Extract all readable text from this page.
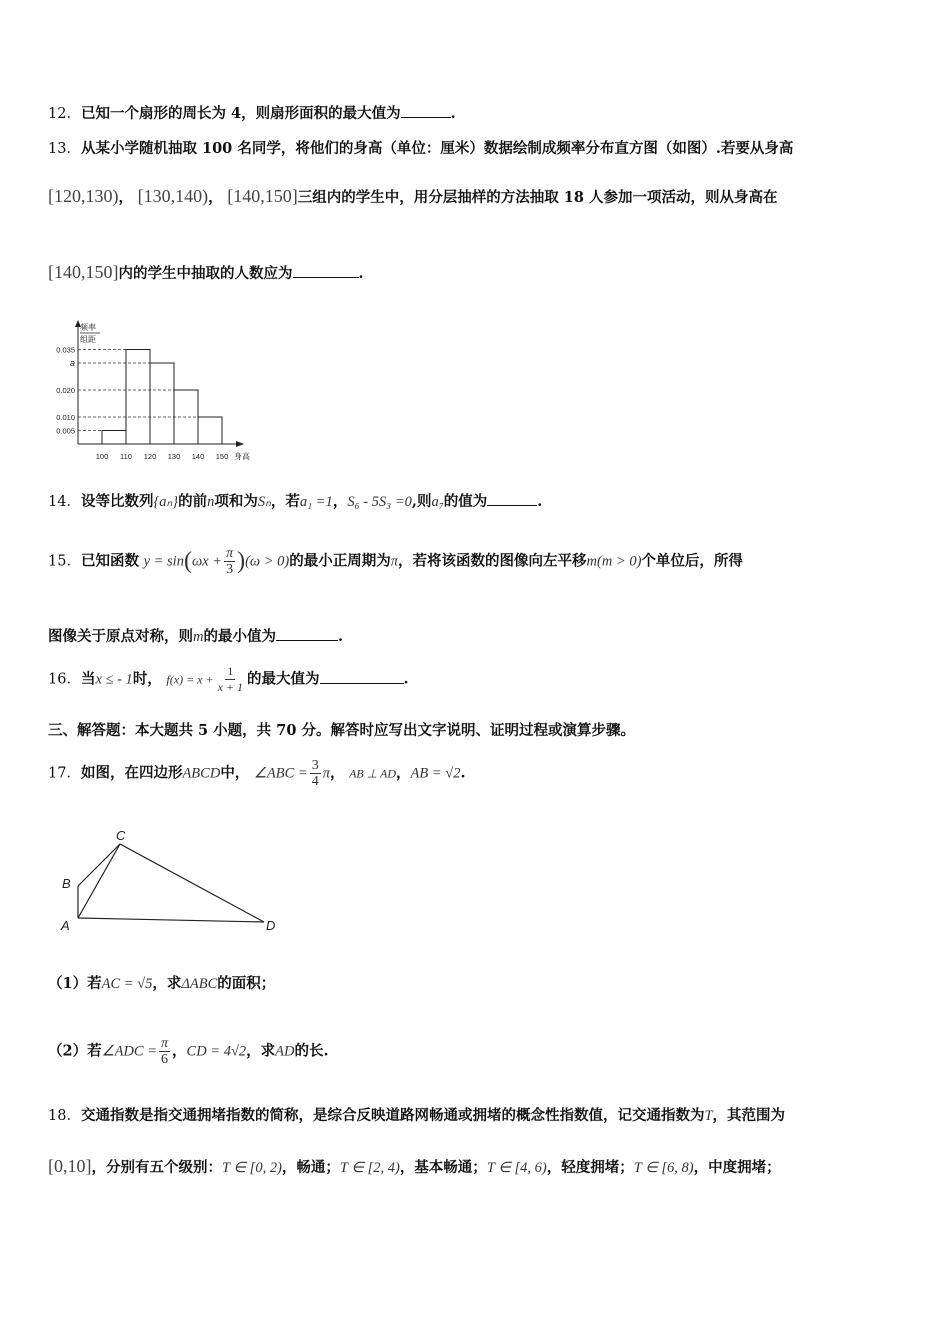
12．已知一个扇形的周长为 4，则扇形面积的最大值为	.
13．从某小学随机抽取 100 名同学，将他们的身高（单位：厘米）数据绘制成频率分布直方图（如图）.若要从身高
[120,130)， [130,140)， [140,150]三组内的学生中，用分层抽样的方法抽取 18 人参加一项活动，则从身高在
[140,150]内的学生中抽取的人数应为	.
频率
组距
身高
0.035
a
0.020
0.010
0.005
100 110 120 130 140 150
14．设等比数列{aₙ}的前n项和为Sₙ，若a₁ =1，S₆ - 5S₃ =0,则a₇的值为	.
15．已知函数 $y = \sin(\omega x + \frac{\pi}{3} )(\omega > 0)$的最小正周期为π，若将该函数的图像向左平移m(m > 0)个单位后，所得
图像关于原点对称，则m的最小值为	.
16．当x ≤ - 1时， $f(x) = x + \frac{1}{x + 1}$ 的最大值为	.
三、解答题：本大题共 5 小题，共 70 分。解答时应写出文字说明、证明过程或演算步骤。
17．如图，在四边形ABCD中， ∠ABC = $\frac{3}{4}$ π， AB ⊥ AD，AB = √2.
C
B
A	D
（1）若AC = √5，求ΔABC的面积；
（2）若∠ADC = $\frac{\pi}{6}$ ，CD = 4√2，求AD的长.
18．交通指数是指交通拥堵指数的简称，是综合反映道路网畅通或拥堵的概念性指数值，记交通指数为T，其范围为
[0,10]，分别有五个级别：T ∈ [0, 2)，畅通；T ∈ [2, 4)，基本畅通；T ∈ [4, 6)，轻度拥堵；T ∈ [6, 8)，中度拥堵；
